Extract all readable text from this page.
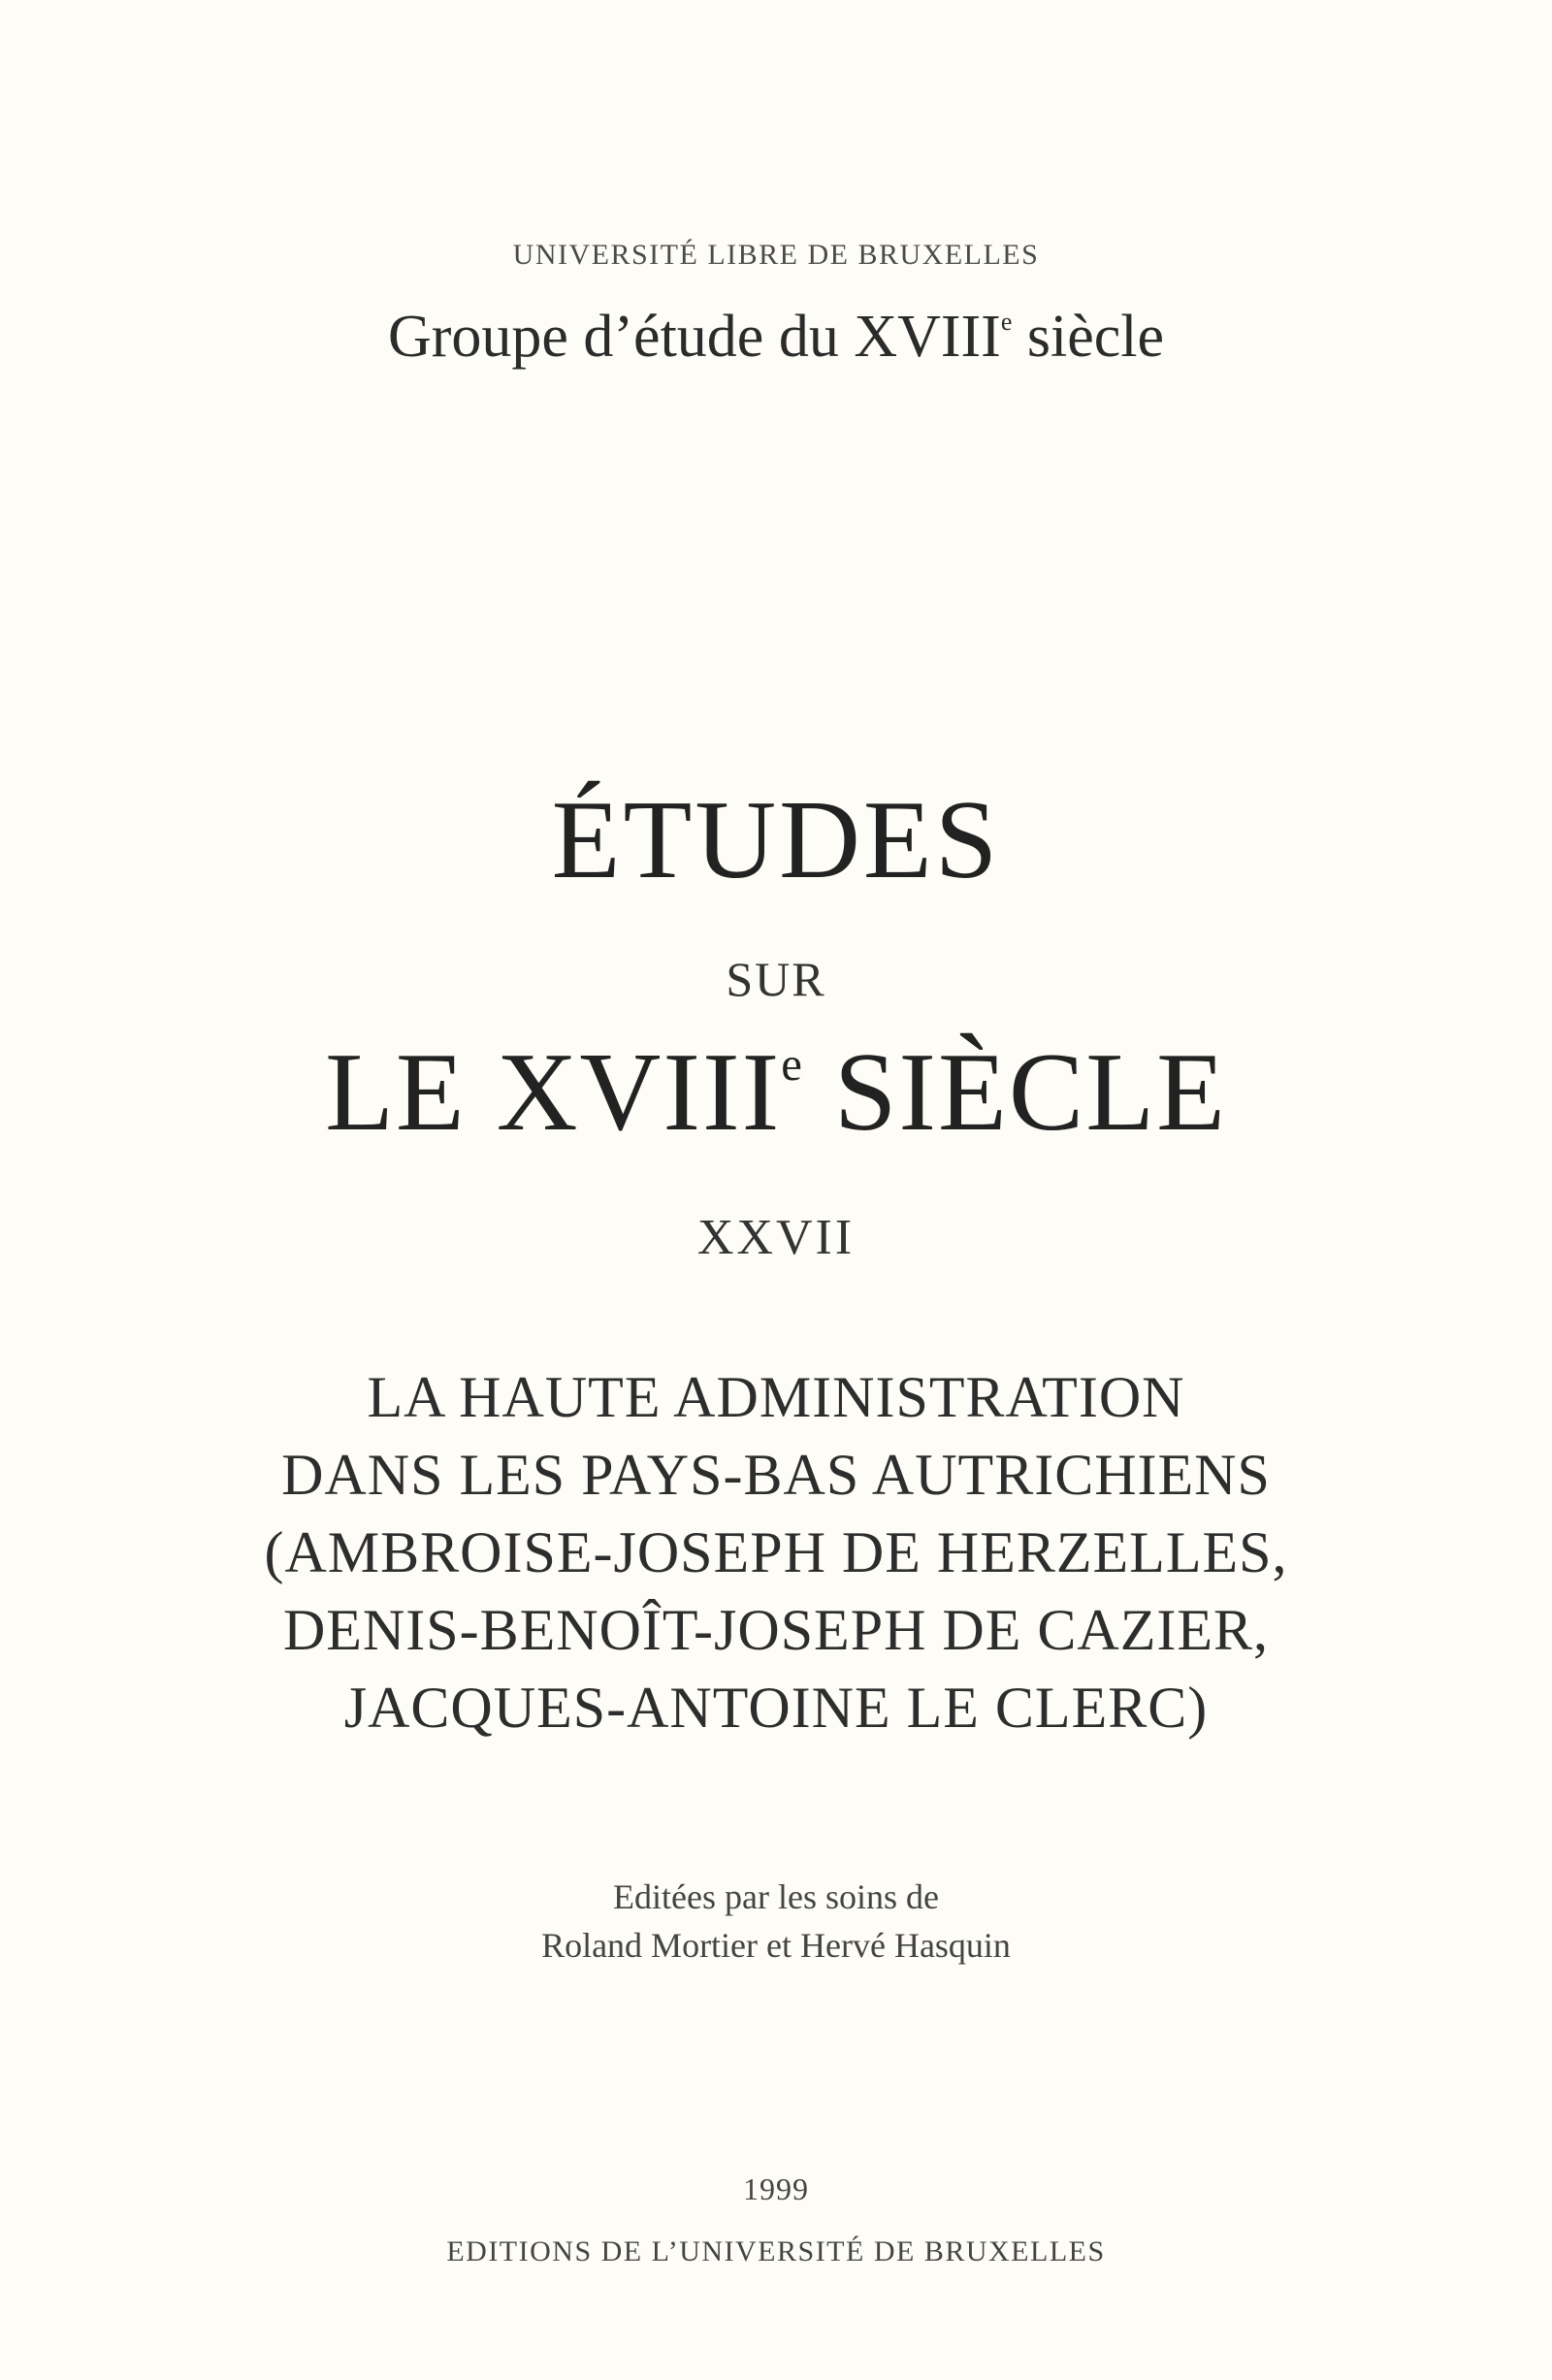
UNIVERSITÉ LIBRE DE BRUXELLES
Groupe d’étude du XVIIIe siècle
ÉTUDES
SUR
LE XVIIIe SIÈCLE
XXVII
LA HAUTE ADMINISTRATION
DANS LES PAYS-BAS AUTRICHIENS
(AMBROISE-JOSEPH DE HERZELLES,
DENIS-BENOÎT-JOSEPH DE CAZIER,
JACQUES-ANTOINE LE CLERC)
Editées par les soins de
Roland Mortier et Hervé Hasquin
1999
EDITIONS DE L’UNIVERSITÉ DE BRUXELLES
